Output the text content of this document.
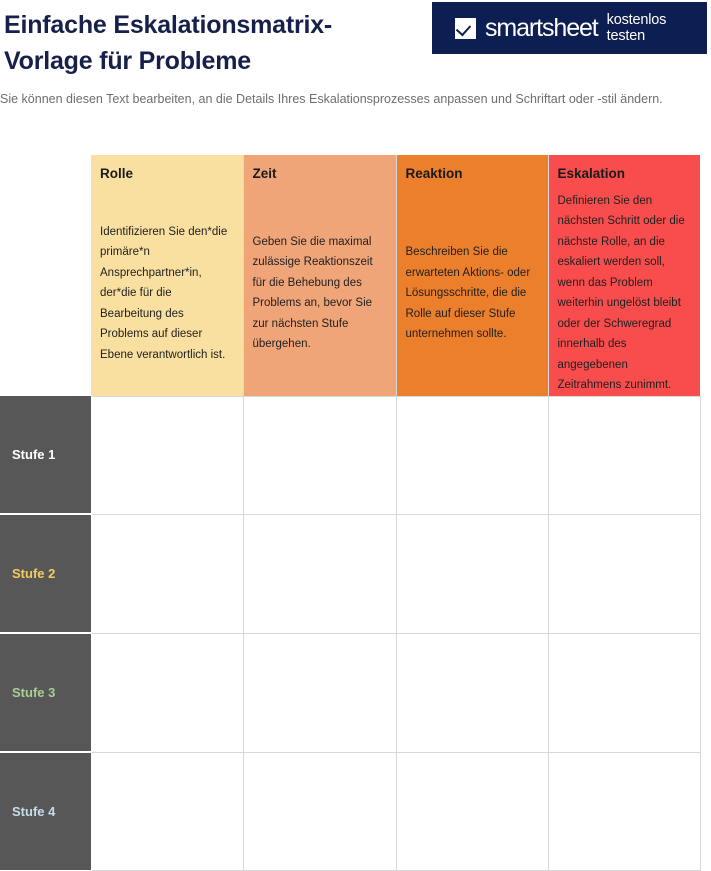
Einfache Eskalationsmatrix-
Vorlage für Probleme

Sie können diesen Text bearbeiten, an die Details Ihres Eskalationsprozesses anpassen und Schriftart oder -stil ändern.

smartsheet kostenlos testen
	Rolle	Zeit	Reaktion	Eskalation
	Identifizieren Sie den*die primäre*n Ansprechpartner*in, der*die für die Bearbeitung des Problems auf dieser Ebene verantwortlich ist.	Geben Sie die maximal zulässige Reaktionszeit für die Behebung des Problems an, bevor Sie zur nächsten Stufe übergehen.	Beschreiben Sie die erwarteten Aktions- oder Lösungsschritte, die die Rolle auf dieser Stufe unternehmen sollte.	Definieren Sie den nächsten Schritt oder die nächste Rolle, an die eskaliert werden soll, wenn das Problem weiterhin ungelöst bleibt oder der Schweregrad innerhalb des angegebenen Zeitrahmens zunimmt.
Stufe 1				
Stufe 2				
Stufe 3				
Stufe 4				
